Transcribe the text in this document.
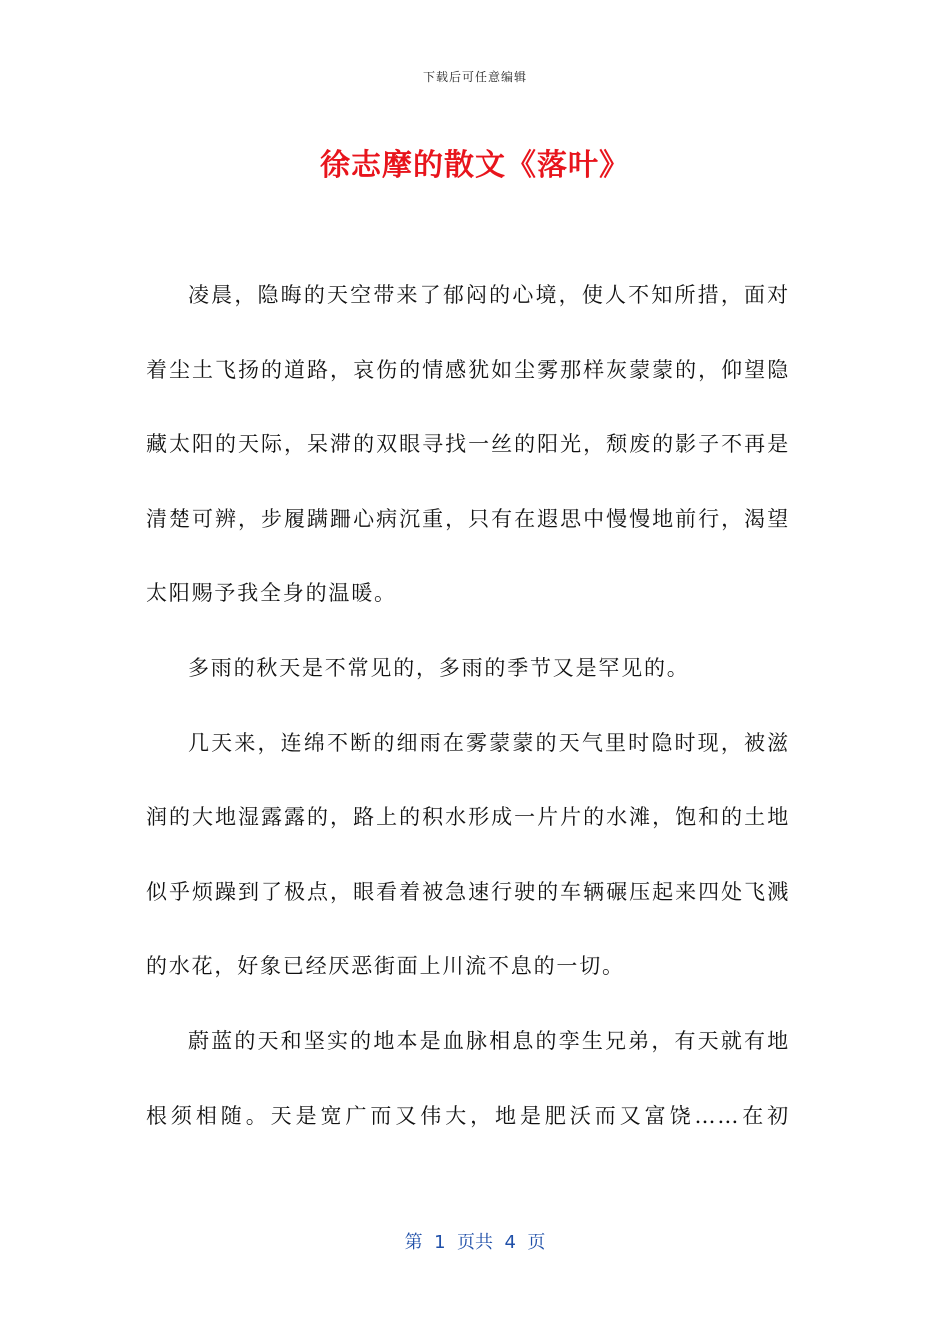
下载后可任意编辑
徐志摩的散文《落叶》

凌晨，隐晦的天空带来了郁闷的心境，使人不知所措，面对着尘土飞扬的道路，哀伤的情感犹如尘雾那样灰蒙蒙的，仰望隐藏太阳的天际，呆滞的双眼寻找一丝的阳光，颓废的影子不再是清楚可辨，步履蹒跚心病沉重，只有在遐思中慢慢地前行，渴望太阳赐予我全身的温暖。

多雨的秋天是不常见的，多雨的季节又是罕见的。

几天来，连绵不断的细雨在雾蒙蒙的天气里时隐时现，被滋润的大地湿露露的，路上的积水形成一片片的水滩，饱和的土地似乎烦躁到了极点，眼看着被急速行驶的车辆碾压起来四处飞溅的水花，好象已经厌恶街面上川流不息的一切。

蔚蓝的天和坚实的地本是血脉相息的孪生兄弟，有天就有地根须相随。天是宽广而又伟大，地是肥沃而又富饶……在初

第  1  页共  4  页
